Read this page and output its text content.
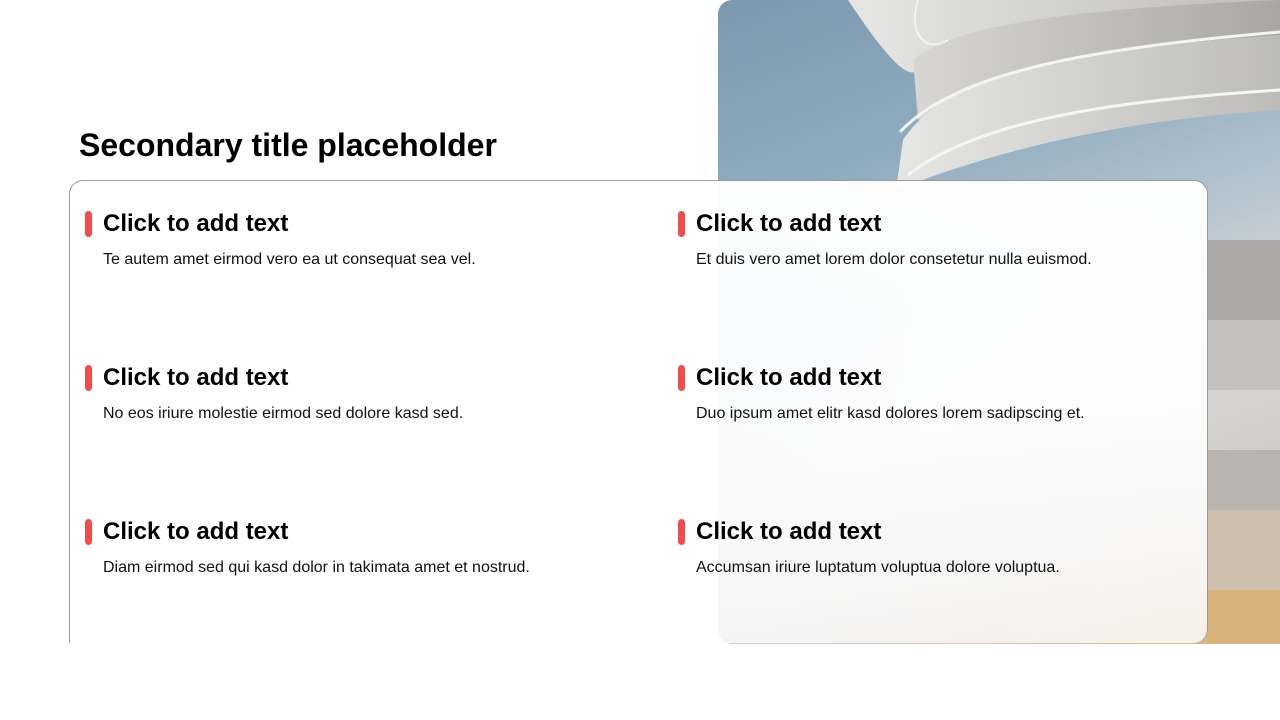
Secondary title placeholder
Click to add text
Te autem amet eirmod vero ea ut consequat sea vel.
Click to add text
Et duis vero amet lorem dolor consetetur nulla euismod.
Click to add text
No eos iriure molestie eirmod sed dolore kasd sed.
Click to add text
Duo ipsum amet elitr kasd dolores lorem sadipscing et.
Click to add text
Diam eirmod sed qui kasd dolor in takimata amet et nostrud.
Click to add text
Accumsan iriure luptatum voluptua dolore voluptua.
